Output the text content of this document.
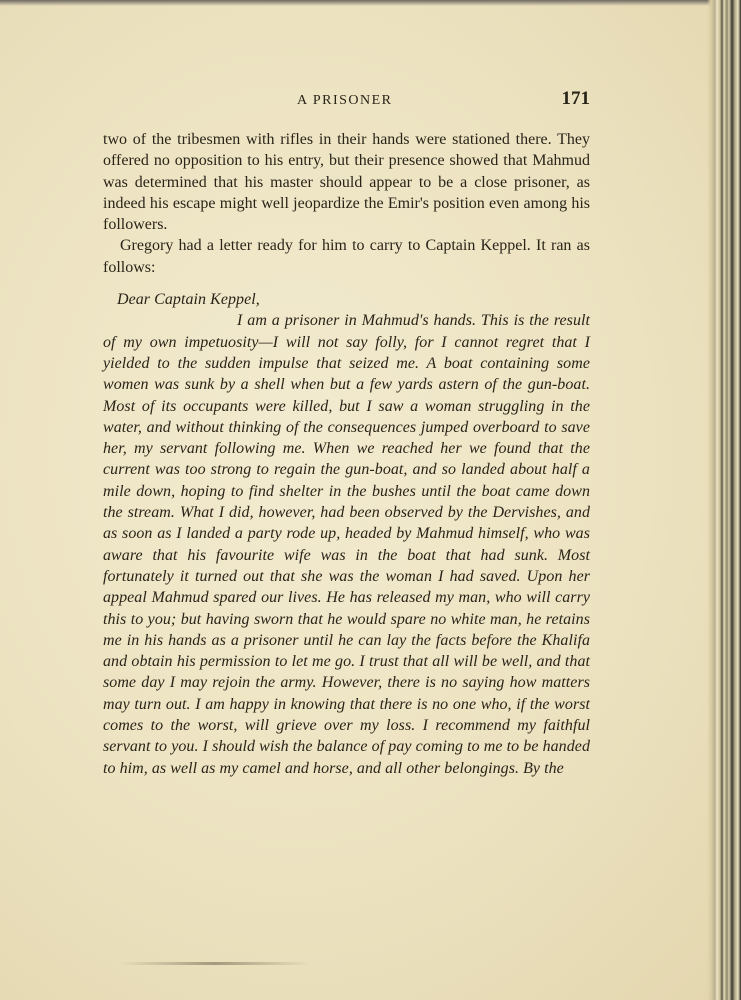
A PRISONER	171

two of the tribesmen with rifles in their hands were stationed there. They offered no opposition to his entry, but their presence showed that Mahmud was determined that his master should appear to be a close prisoner, as indeed his escape might well jeopardize the Emir's position even among his followers.

Gregory had a letter ready for him to carry to Captain Keppel. It ran as follows:

Dear Captain Keppel,

I am a prisoner in Mahmud's hands. This is the result of my own impetuosity—I will not say folly, for I cannot regret that I yielded to the sudden impulse that seized me. A boat containing some women was sunk by a shell when but a few yards astern of the gun-boat. Most of its occupants were killed, but I saw a woman struggling in the water, and without thinking of the consequences jumped overboard to save her, my servant following me. When we reached her we found that the current was too strong to regain the gun-boat, and so landed about half a mile down, hoping to find shelter in the bushes until the boat came down the stream. What I did, however, had been observed by the Dervishes, and as soon as I landed a party rode up, headed by Mahmud himself, who was aware that his favourite wife was in the boat that had sunk. Most fortunately it turned out that she was the woman I had saved. Upon her appeal Mahmud spared our lives. He has released my man, who will carry this to you; but having sworn that he would spare no white man, he retains me in his hands as a prisoner until he can lay the facts before the Khalifa and obtain his permission to let me go. I trust that all will be well, and that some day I may rejoin the army. However, there is no saying how matters may turn out. I am happy in knowing that there is no one who, if the worst comes to the worst, will grieve over my loss. I recommend my faithful servant to you. I should wish the balance of pay coming to me to be handed to him, as well as my camel and horse, and all other belongings. By the
